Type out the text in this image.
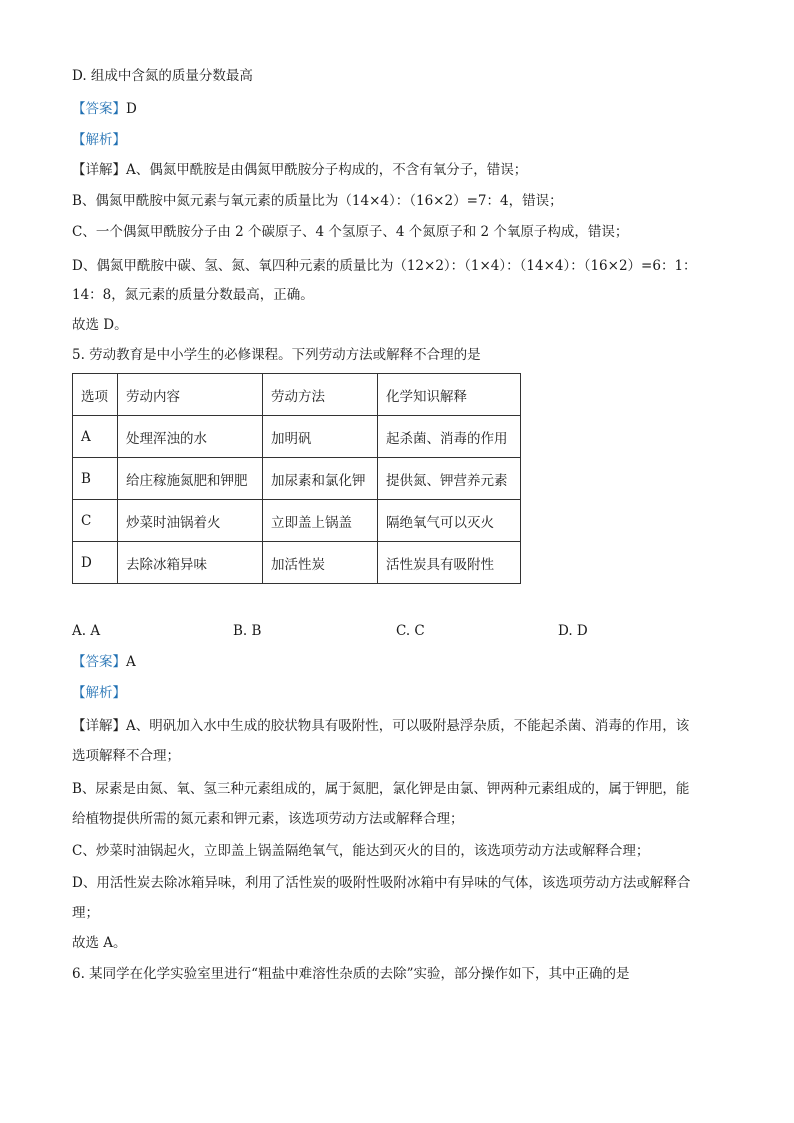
D. 组成中含氮的质量分数最高
【答案】D
【解析】
【详解】A、偶氮甲酰胺是由偶氮甲酰胺分子构成的，不含有氧分子，错误；
B、偶氮甲酰胺中氮元素与氧元素的质量比为（14×4）：（16×2）=7：4，错误；
C、一个偶氮甲酰胺分子由 2 个碳原子、4 个氢原子、4 个氮原子和 2 个氧原子构成，错误；
D、偶氮甲酰胺中碳、氢、氮、氧四种元素的质量比为（12×2）：（1×4）：（14×4）：（16×2）=6：1：
14：8，氮元素的质量分数最高，正确。
故选 D。
5. 劳动教育是中小学生的必修课程。下列劳动方法或解释不合理的是
选项	劳动内容	劳动方法	化学知识解释
A	处理浑浊的水	加明矾	起杀菌、消毒的作用
B	给庄稼施氮肥和钾肥	加尿素和氯化钾	提供氮、钾营养元素
C	炒菜时油锅着火	立即盖上锅盖	隔绝氧气可以灭火
D	去除冰箱异味	加活性炭	活性炭具有吸附性
A. A	B. B	C. C	D. D
【答案】A
【解析】
【详解】A、明矾加入水中生成的胶状物具有吸附性，可以吸附悬浮杂质，不能起杀菌、消毒的作用，该
选项解释不合理；
B、尿素是由氮、氧、氢三种元素组成的，属于氮肥，氯化钾是由氯、钾两种元素组成的，属于钾肥，能
给植物提供所需的氮元素和钾元素，该选项劳动方法或解释合理；
C、炒菜时油锅起火，立即盖上锅盖隔绝氧气，能达到灭火的目的，该选项劳动方法或解释合理；
D、用活性炭去除冰箱异味，利用了活性炭的吸附性吸附冰箱中有异味的气体，该选项劳动方法或解释合
理；
故选 A。
6. 某同学在化学实验室里进行“粗盐中难溶性杂质的去除”实验，部分操作如下，其中正确的是
